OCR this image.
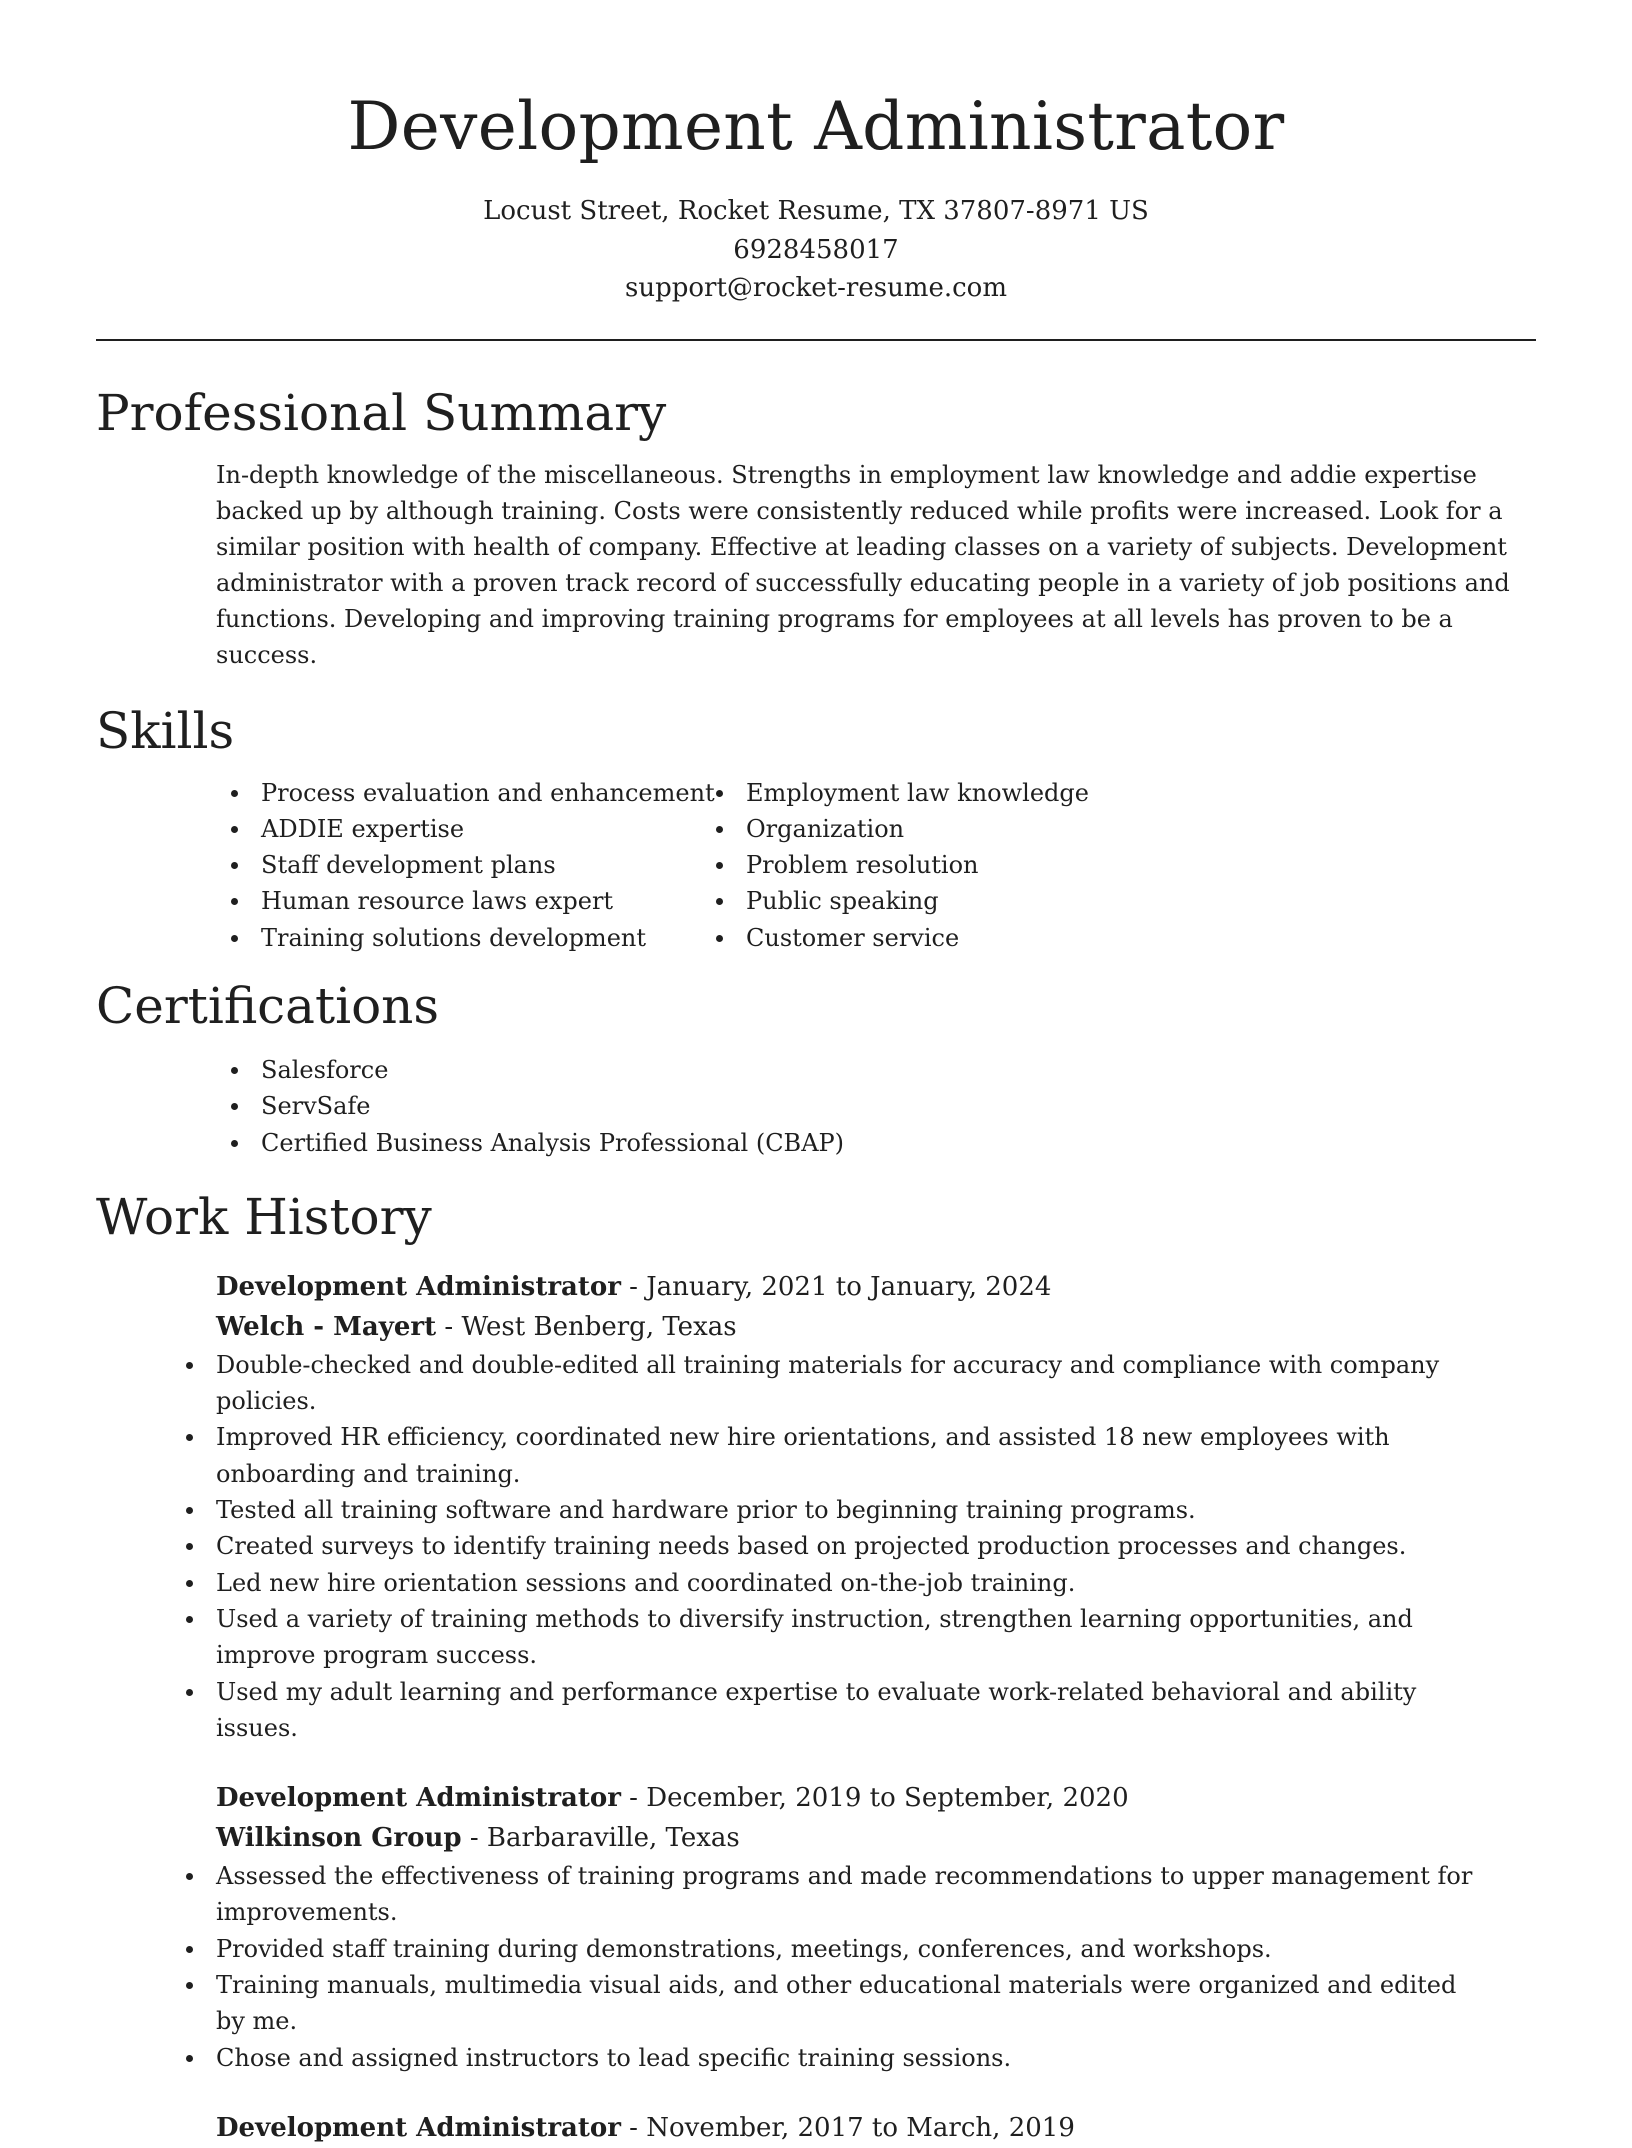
Development Administrator
Locust Street, Rocket Resume, TX 37807-8971 US
6928458017
support@rocket-resume.com
Professional Summary

In-depth knowledge of the miscellaneous. Strengths in employment law knowledge and addie expertise backed up by although training. Costs were consistently reduced while profits were increased. Look for a similar position with health of company. Effective at leading classes on a variety of subjects. Development administrator with a proven track record of successfully educating people in a variety of job positions and functions. Developing and improving training programs for employees at all levels has proven to be a success.

Skills
Process evaluation and enhancement
ADDIE expertise
Staff development plans
Human resource laws expert
Training solutions development
Employment law knowledge
Organization
Problem resolution
Public speaking
Customer service
Certifications
Salesforce
ServSafe
Certified Business Analysis Professional (CBAP)
Work History
Development Administrator - January, 2021 to January, 2024
Welch - Mayert - West Benberg, Texas
Double-checked and double-edited all training materials for accuracy and compliance with company policies.
Improved HR efficiency, coordinated new hire orientations, and assisted 18 new employees with onboarding and training.
Tested all training software and hardware prior to beginning training programs.
Created surveys to identify training needs based on projected production processes and changes.
Led new hire orientation sessions and coordinated on-the-job training.
Used a variety of training methods to diversify instruction, strengthen learning opportunities, and improve program success.
Used my adult learning and performance expertise to evaluate work-related behavioral and ability issues.
Development Administrator - December, 2019 to September, 2020
Wilkinson Group - Barbaraville, Texas
Assessed the effectiveness of training programs and made recommendations to upper management for improvements.
Provided staff training during demonstrations, meetings, conferences, and workshops.
Training manuals, multimedia visual aids, and other educational materials were organized and edited by me.
Chose and assigned instructors to lead specific training sessions.
Development Administrator - November, 2017 to March, 2019
